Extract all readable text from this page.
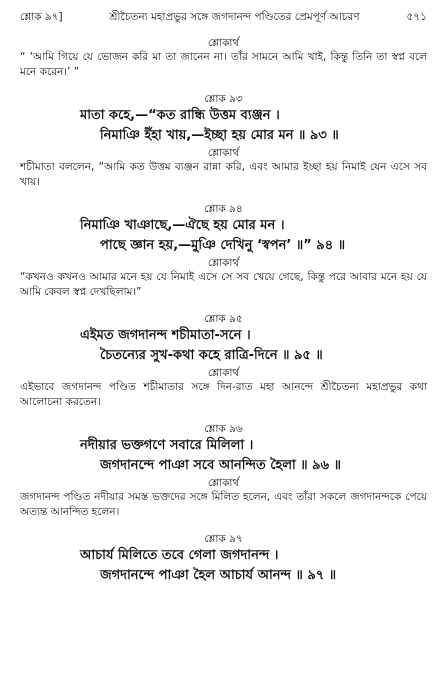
শ্লোক ৯৭]	শ্রীচৈতন্য মহাপ্রভুর সঙ্গে জগদানন্দ পণ্ডিতের প্রেমপূর্ণ আচরণ	৫৭১
শ্লোকার্থ
“ ‘আমি গিয়ে যে ভোজন করি মা তা জানেন না। তাঁর সামনে আমি খাই, কিন্তু তিনি তা স্বপ্ন বলে মনে করেন।’ ”
শ্লোক ৯৩
মাতা কহে,—“কত রান্ধি উত্তম ব্যঞ্জন ।
নিমাঞি ইঁহা খায়,—ইচ্ছা হয় মোর মন ॥ ৯৩ ॥
শ্লোকার্থ
শচীমাতা বললেন, “আমি কত উত্তম ব্যঞ্জন রান্না করি, এবং আমার ইচ্ছা হয় নিমাই যেন এসে সব খায়।
শ্লোক ৯৪
নিমাঞি খাঞাছে,—ঐছে হয় মোর মন ।
পাছে জ্ঞান হয়,—মুঞি দেখিনু ‘স্বপন’ ॥” ৯৪ ॥
শ্লোকার্থ
“কখনও কখনও আমার মনে হয় যে নিমাই এসে সে সব খেয়ে গেছে, কিন্তু পরে আবার মনে হয় যে আমি কেবল স্বপ্ন দেখছিলাম।”
শ্লোক ৯৫
এইমত জগদানন্দ শচীমাতা-সনে ।
চৈতন্যের সুখ-কথা কহে রাত্রি-দিনে ॥ ৯৫ ॥
শ্লোকার্থ
এইভাবে জগদানন্দ পণ্ডিত শচীমাতার সঙ্গে দিন-রাত মহা আনন্দে শ্রীচৈতন্য মহাপ্রভুর কথা আলোচনা করতেন।
শ্লোক ৯৬
নদীয়ার ভক্তগণে সবারে মিলিলা ।
জগদানন্দে পাঞা সবে আনন্দিত হৈলা ॥ ৯৬ ॥
শ্লোকার্থ
জগদানন্দ পণ্ডিত নদীয়ার সমস্ত ভক্তদের সঙ্গে মিলিত হলেন, এবং তাঁরা সকলে জগদানন্দকে পেয়ে অত্যন্ত আনন্দিত হলেন।
শ্লোক ৯৭
আচার্য মিলিতে তবে গেলা জগদানন্দ ।
জগদানন্দে পাঞা হৈল আচার্য আনন্দ ॥ ৯৭ ॥
